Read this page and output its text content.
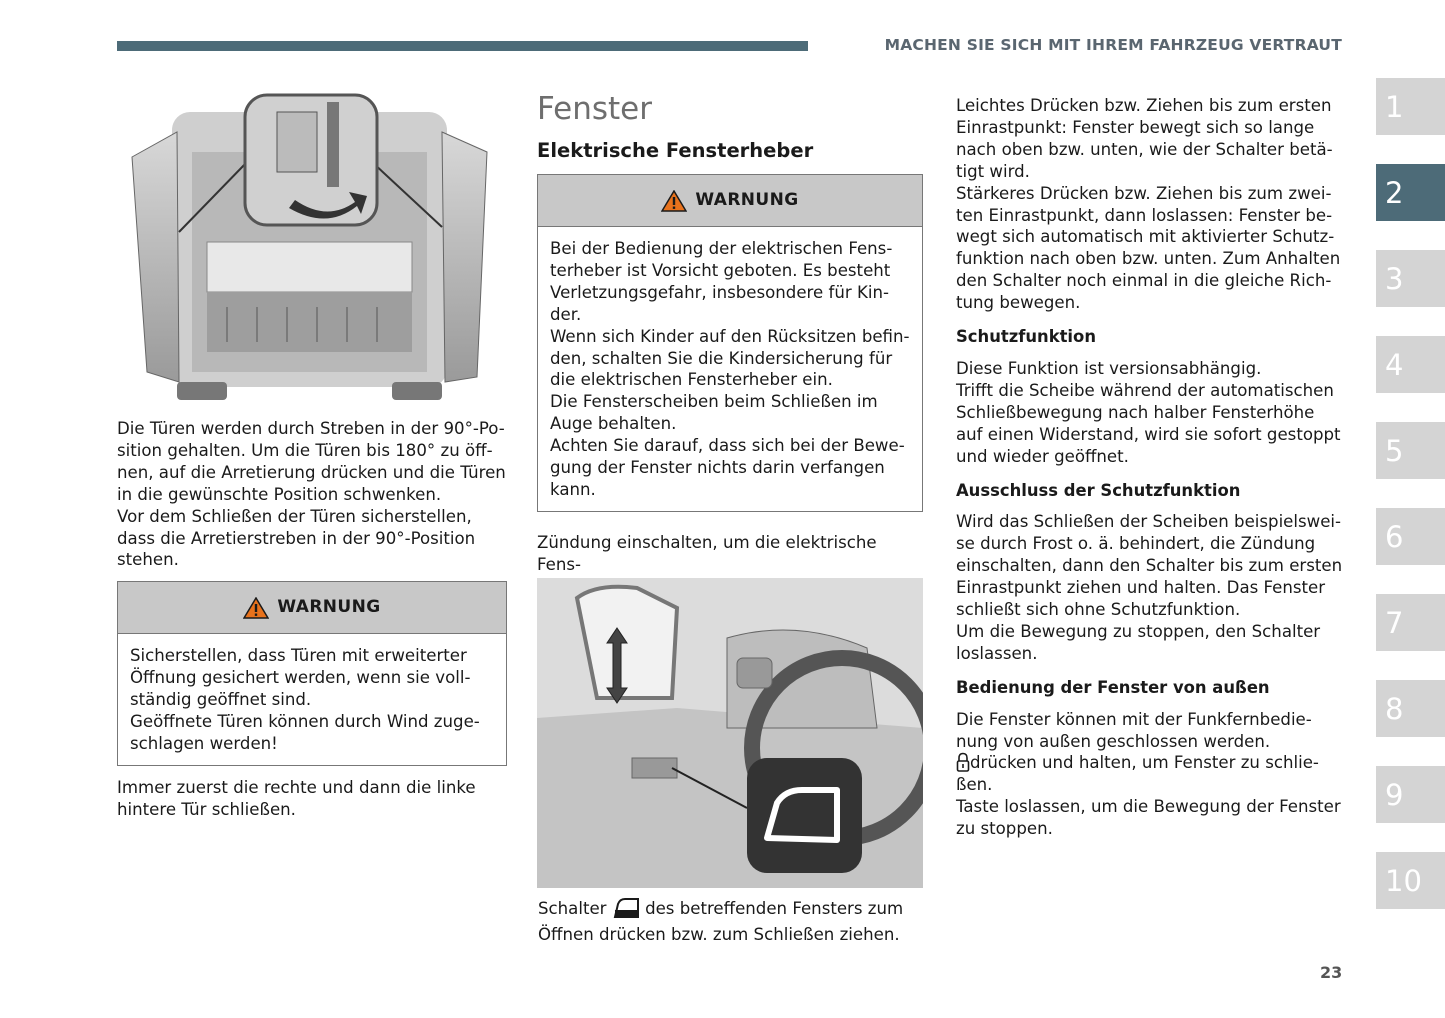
MACHEN SIE SICH MIT IHREM FAHRZEUG VERTRAUT

Die Türen werden durch Streben in der 90°-Po-
sition gehalten. Um die Türen bis 180° zu öff-
nen, auf die Arretierung drücken und die Türen
in die gewünschte Position schwenken.
Vor dem Schließen der Türen sicherstellen,
dass die Arretierstreben in der 90°-Position
stehen.

WARNUNG
Sicherstellen, dass Türen mit erweiterter
Öffnung gesichert werden, wenn sie voll-
ständig geöffnet sind.
Geöffnete Türen können durch Wind zuge-
schlagen werden!

Immer zuerst die rechte und dann die linke
hintere Tür schließen.

Fenster
Elektrische Fensterheber
WARNUNG
Bei der Bedienung der elektrischen Fens-
terheber ist Vorsicht geboten. Es besteht
Verletzungsgefahr, insbesondere für Kin-
der.
Wenn sich Kinder auf den Rücksitzen befin-
den, schalten Sie die Kindersicherung für
die elektrischen Fensterheber ein.
Die Fensterscheiben beim Schließen im
Auge behalten.
Achten Sie darauf, dass sich bei der Bewe-
gung der Fenster nichts darin verfangen
kann.

Zündung einschalten, um die elektrische Fens-

Schalter des betreffenden Fensters zum
Öffnen drücken bzw. zum Schließen ziehen.

Leichtes Drücken bzw. Ziehen bis zum ersten
Einrastpunkt: Fenster bewegt sich so lange
nach oben bzw. unten, wie der Schalter betä-
tigt wird.
Stärkeres Drücken bzw. Ziehen bis zum zwei-
ten Einrastpunkt, dann loslassen: Fenster be-
wegt sich automatisch mit aktivierter Schutz-
funktion nach oben bzw. unten. Zum Anhalten
den Schalter noch einmal in die gleiche Rich-
tung bewegen.

Schutzfunktion

Diese Funktion ist versionsabhängig.
Trifft die Scheibe während der automatischen
Schließbewegung nach halber Fensterhöhe
auf einen Widerstand, wird sie sofort gestoppt
und wieder geöffnet.

Ausschluss der Schutzfunktion

Wird das Schließen der Scheiben beispielswei-
se durch Frost o. ä. behindert, die Zündung
einschalten, dann den Schalter bis zum ersten
Einrastpunkt ziehen und halten. Das Fenster
schließt sich ohne Schutzfunktion.
Um die Bewegung zu stoppen, den Schalter
loslassen.

Bedienung der Fenster von außen

Die Fenster können mit der Funkfernbedie-
nung von außen geschlossen werden.
drücken und halten, um Fenster zu schlie-
ßen.
Taste loslassen, um die Bewegung der Fenster
zu stoppen.

1
2
3
4
5
6
7
8
9
10
23
